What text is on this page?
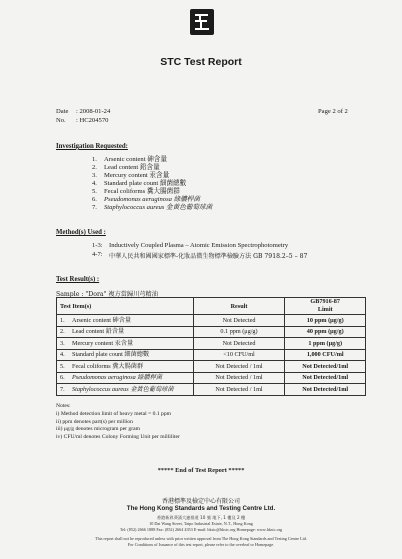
STC Test Report
Date : 2008-01-24
No. : HC204570
Page 2 of 2
Investigation Requested:
1. Arsenic content 砷含量
2. Lead content 鉛含量
3. Mercury content 汞含量
4. Standard plate count 細菌總數
5. Fecal coliforms 糞大腸菌群
6. Pseudomonas aeruginosa 綠膿桿菌
7. Staphylococcus aureus 金黃色葡萄球菌
Method(s) Used :
1-3: Inductively Coupled Plasma – Atomic Emission Spectrophotometry
4-7: 中華人民共和國國家標準-化妝品微生物標準檢驗方法 GB 7918.2–5 – 87
Test Result(s) :
Sample : "Dora" 複方當歸川芎精油
Test Item(s)	Result	GB7916-87
Limit
1. Arsenic content 砷含量	Not Detected	10 ppm (μg/g)
2. Lead content 鉛含量	0.1 ppm (μg/g)	40 ppm (μg/g)
3. Mercury content 汞含量	Not Detected	1 ppm (μg/g)
4. Standard plate count 細菌總數	<10 CFU/ml	1,000 CFU/ml
5. Fecal coliforms 糞大腸菌群	Not Detected / 1ml	Not Detected/1ml
6. Pseudomonas aeruginosa 綠膿桿菌	Not Detected / 1ml	Not Detected/1ml
7. Staphylococcus aureus 金黃色葡萄球菌	Not Detected / 1ml	Not Detected/1ml
Notes:
i) Method detection limit of heavy metal = 0.1 ppm
ii) ppm denotes part(s) per million
iii) μg/g denotes microgram per gram
iv) CFU/ml denotes Colony Forming Unit per milliliter
***** End of Test Report *****
香港標準及檢定中心有限公司
The Hong Kong Standards and Testing Centre Ltd.
香港新界葵涌大連排道 10 號 地下, 1 樓及 2 樓
10 Dai Wang Street, Taipo Industrial Estate, N.T., Hong Kong
Tel: (852) 2666 1888 Fax: (852) 2664 4353 E-mail: hkstc@hkstc.org Homepage: www.hkstc.org
This report shall not be reproduced unless with prior written approval from The Hong Kong Standards and Testing Centre Ltd.
For Conditions of Issuance of this test report, please refer to the overleaf or Homepage.
